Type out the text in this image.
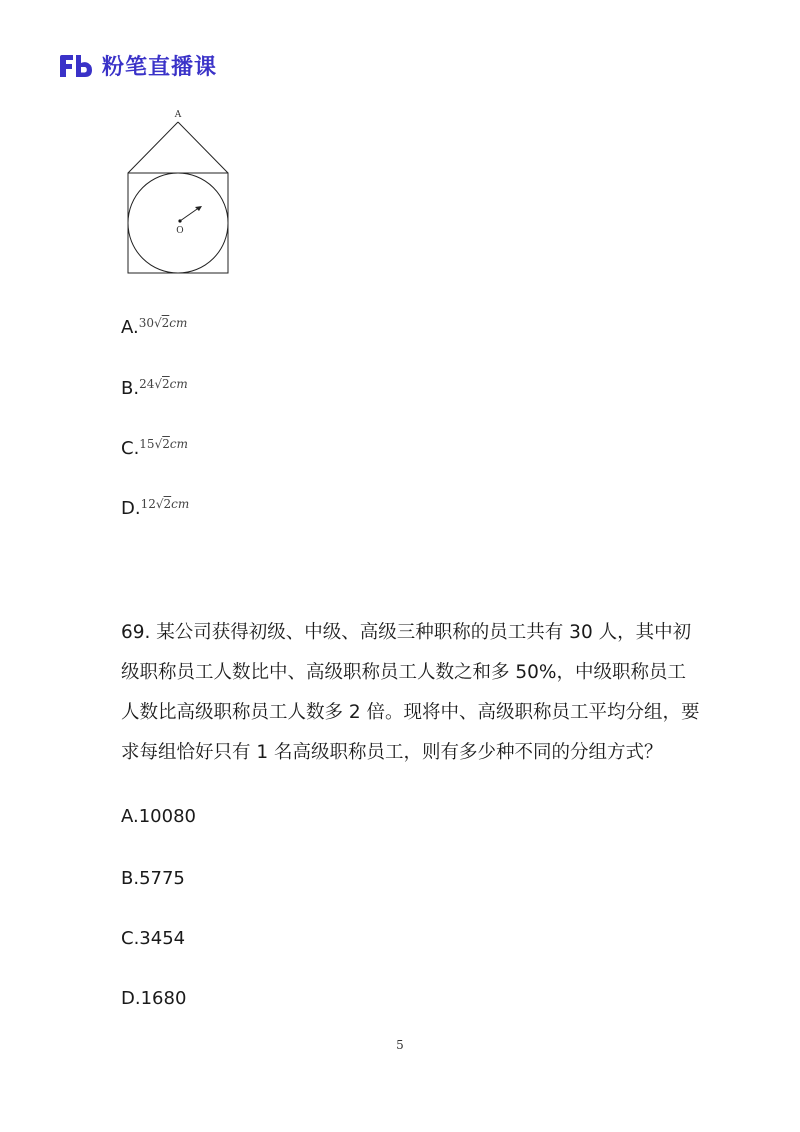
粉笔直播课
A
O
A.$^{30√2cm}$
B.$^{24√2cm}$
C.$^{15√2cm}$
D.$^{12√2cm}$
69. 某公司获得初级、中级、高级三种职称的员工共有 30 人，其中初级职称员工人数比中、高级职称员工人数之和多 50%，中级职称员工人数比高级职称员工人数多 2 倍。现将中、高级职称员工平均分组，要求每组恰好只有 1 名高级职称员工，则有多少种不同的分组方式？
A.10080
B.5775
C.3454
D.1680
5
